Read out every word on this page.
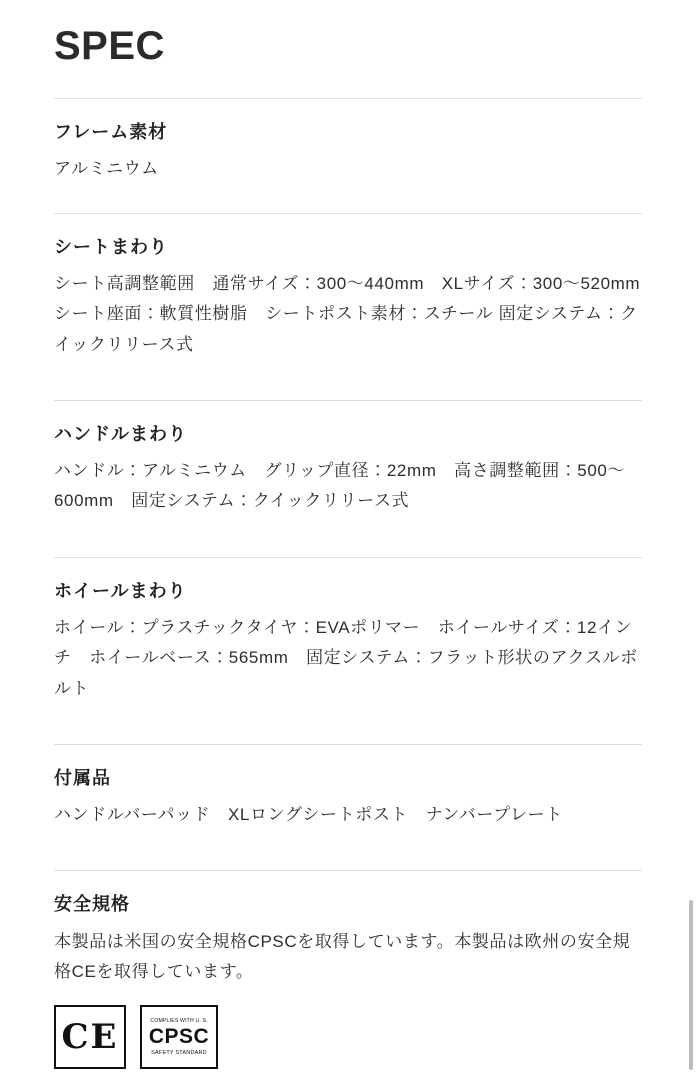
SPEC
フレーム素材

アルミニウム

シートまわり

シート高調整範囲　通常サイズ：300〜440mm　XLサイズ：300〜520mm　シート座面：軟質性樹脂　シートポスト素材：スチール 固定システム：クイックリリース式

ハンドルまわり

ハンドル：アルミニウム　グリップ直径：22mm　高さ調整範囲：500〜600mm　固定システム：クイックリリース式

ホイールまわり

ホイール：プラスチックタイヤ：EVAポリマー　ホイールサイズ：12インチ　ホイールベース：565mm　固定システム：フラット形状のアクスルボルト

付属品

ハンドルバーパッド　XLロングシートポスト　ナンバープレート

安全規格

本製品は米国の安全規格CPSCを取得しています。本製品は欧州の安全規格CEを取得しています。

CE	COMPLIES WITH U. S.
CPSC
SAFETY STANDARD
